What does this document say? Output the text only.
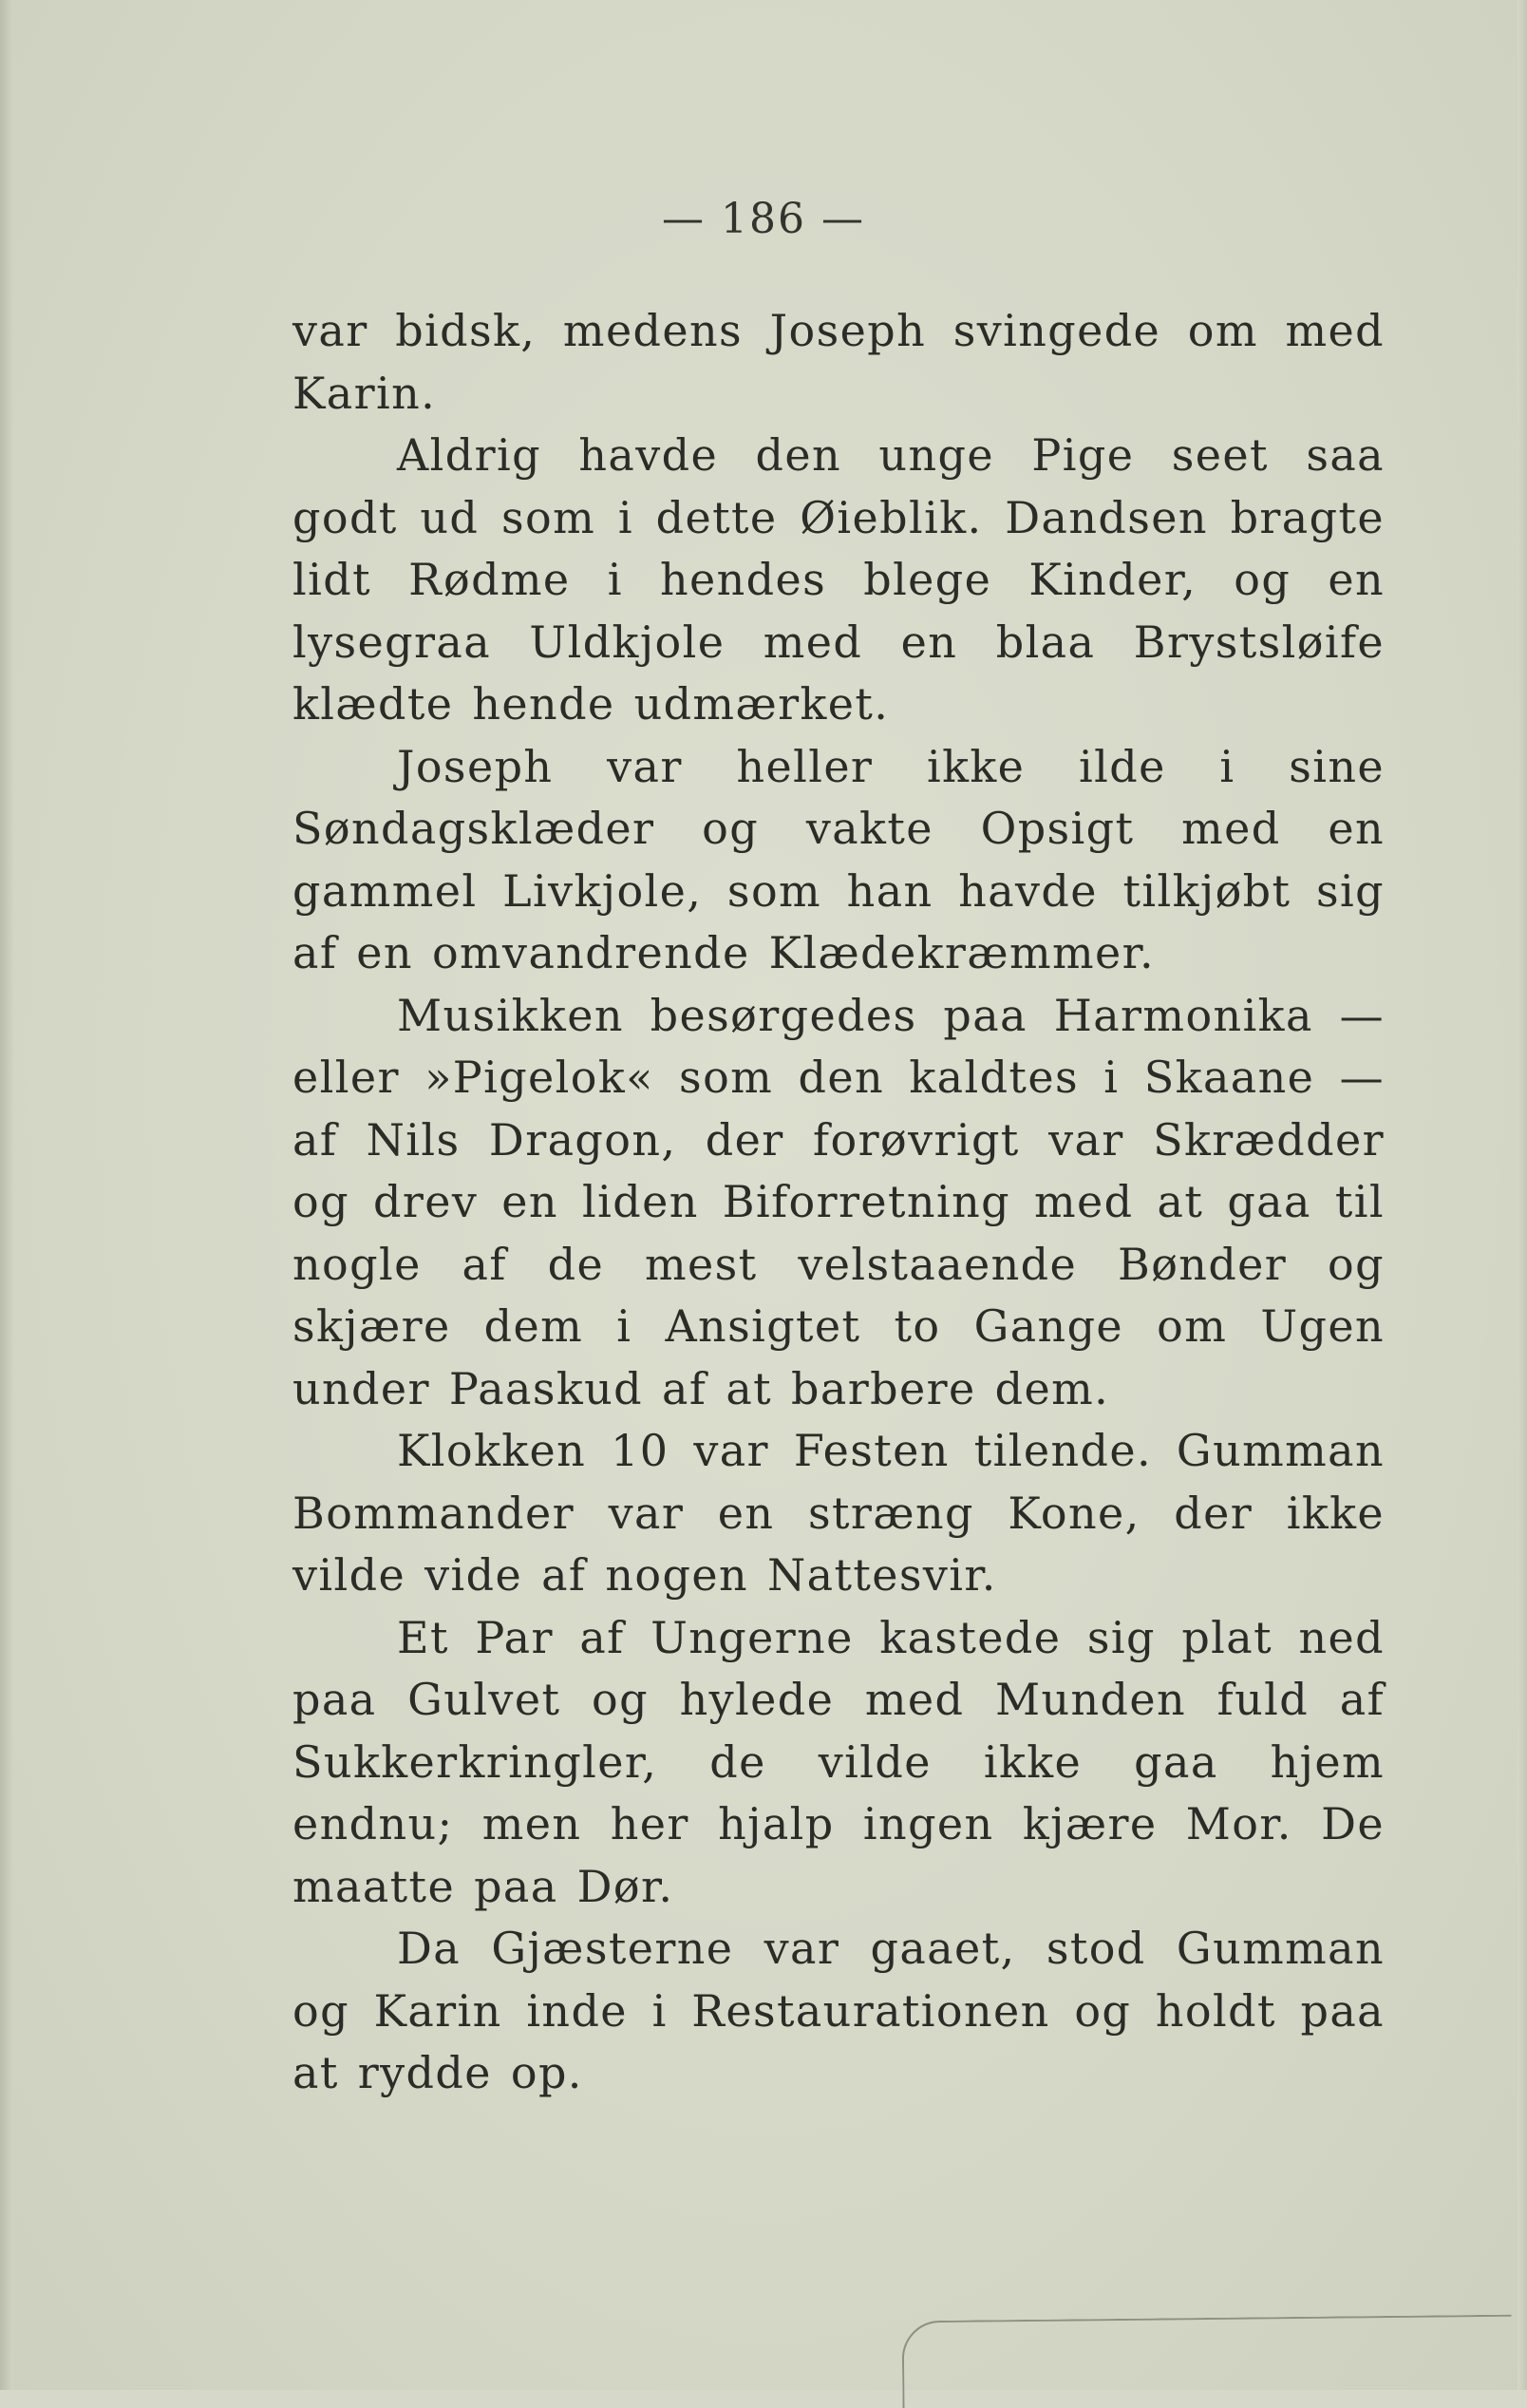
— 186 —

var bidsk, medens Joseph svingede om med Karin.

Aldrig havde den unge Pige seet saa godt ud som i dette Øieblik. Dandsen bragte lidt Rødme i hendes blege Kinder, og en lysegraa Uldkjole med en blaa Brystsløife klædte hende udmærket.

Joseph var heller ikke ilde i sine Søndagsklæder og vakte Opsigt med en gammel Livkjole, som han havde tilkjøbt sig af en omvandrende Klædekræmmer.

Musikken besørgedes paa Harmonika — eller »Pigelok« som den kaldtes i Skaane — af Nils Dragon, der forøvrigt var Skrædder og drev en liden Biforretning med at gaa til nogle af de mest velstaaende Bønder og skjære dem i Ansigtet to Gange om Ugen under Paaskud af at barbere dem.

Klokken 10 var Festen tilende. Gumman Bommander var en stræng Kone, der ikke vilde vide af nogen Nattesvir.

Et Par af Ungerne kastede sig plat ned paa Gulvet og hylede med Munden fuld af Sukkerkringler, de vilde ikke gaa hjem endnu; men her hjalp ingen kjære Mor. De maatte paa Dør.

Da Gjæsterne var gaaet, stod Gumman og Karin inde i Restaurationen og holdt paa at rydde op.
